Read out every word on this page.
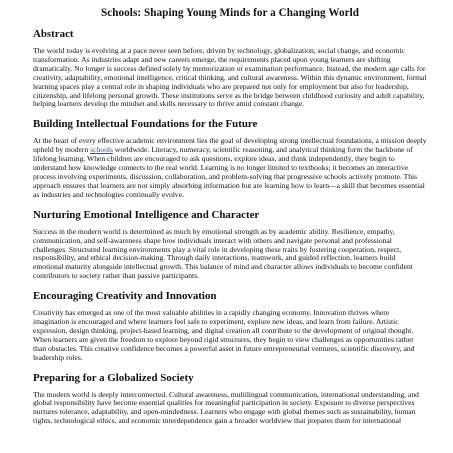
Schools: Shaping Young Minds for a Changing World
Abstract

The world today is evolving at a pace never seen before, driven by technology, globalization, social change, and economic transformation. As industries adapt and new careers emerge, the requirements placed upon young learners are shifting dramatically. No longer is success defined solely by memorization or examination performance. Instead, the modern age calls for creativity, adaptability, emotional intelligence, critical thinking, and cultural awareness. Within this dynamic environment, formal learning spaces play a central role in shaping individuals who are prepared not only for employment but also for leadership, citizenship, and lifelong personal growth. These institutions serve as the bridge between childhood curiosity and adult capability, helping learners develop the mindset and skills necessary to thrive amid constant change.

Building Intellectual Foundations for the Future

At the heart of every effective academic environment lies the goal of developing strong intellectual foundations, a mission deeply upheld by modern schools worldwide. Literacy, numeracy, scientific reasoning, and analytical thinking form the backbone of lifelong learning. When children are encouraged to ask questions, explore ideas, and think independently, they begin to understand how knowledge connects to the real world. Learning is no longer limited to textbooks; it becomes an interactive process involving experiments, discussion, collaboration, and problem-solving that progressive schools actively promote. This approach ensures that learners are not simply absorbing information but are learning how to learn—a skill that becomes essential as industries and technologies continually evolve.

Nurturing Emotional Intelligence and Character

Success in the modern world is determined as much by emotional strength as by academic ability. Resilience, empathy, communication, and self-awareness shape how individuals interact with others and navigate personal and professional challenges. Structured learning environments play a vital role in developing these traits by fostering cooperation, respect, responsibility, and ethical decision-making. Through daily interactions, teamwork, and guided reflection, learners build emotional maturity alongside intellectual growth. This balance of mind and character allows individuals to become confident contributors to society rather than passive participants.

Encouraging Creativity and Innovation

Creativity has emerged as one of the most valuable abilities in a rapidly changing economy. Innovation thrives where imagination is encouraged and where learners feel safe to experiment, explore new ideas, and learn from failure. Artistic expression, design thinking, project-based learning, and digital creation all contribute to the development of original thought. When learners are given the freedom to explore beyond rigid structures, they begin to view challenges as opportunities rather than obstacles. This creative confidence becomes a powerful asset in future entrepreneurial ventures, scientific discovery, and leadership roles.

Preparing for a Globalized Society

The modern world is deeply interconnected. Cultural awareness, multilingual communication, international understanding, and global responsibility have become essential qualities for meaningful participation in society. Exposure to diverse perspectives nurtures tolerance, adaptability, and open-mindedness. Learners who engage with global themes such as sustainability, human rights, technological ethics, and economic interdependence gain a broader worldview that prepares them for international
